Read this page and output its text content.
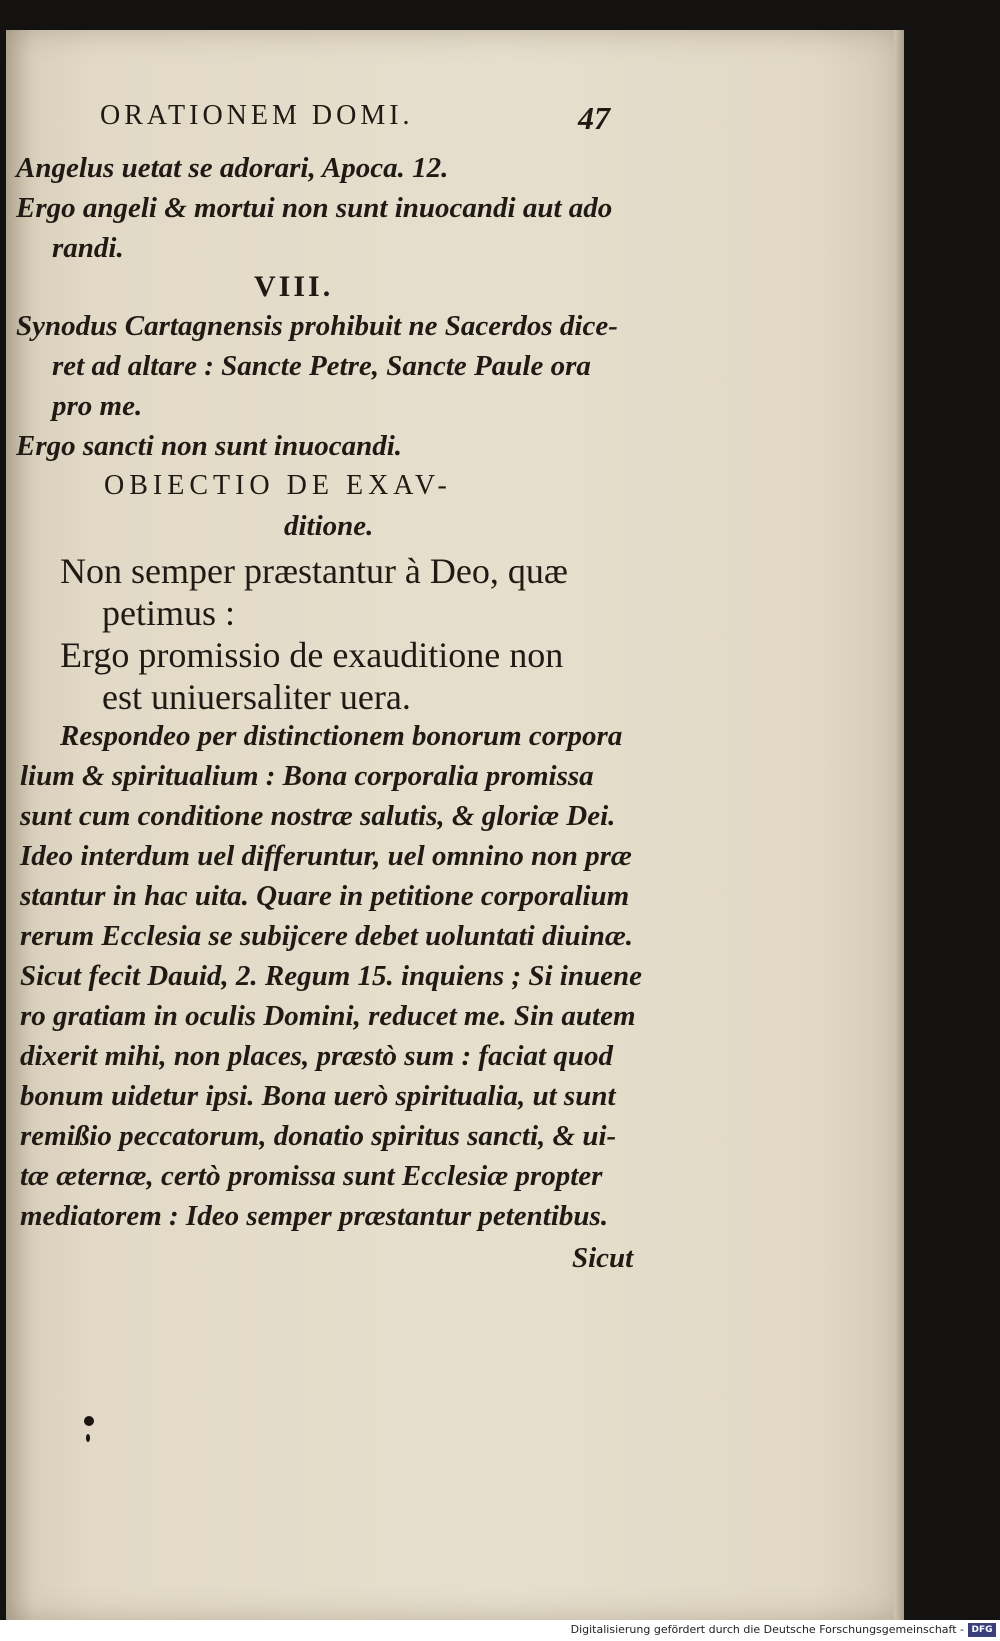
ORATIONEM DOMI.	47
Angelus uetat se adorari, Apoca. 12.
Ergo angeli & mortui non sunt inuocandi aut ado
randi.
VIII.
Synodus Cartagnensis prohibuit ne Sacerdos dice-
ret ad altare : Sancte Petre, Sancte Paule ora
pro me.
Ergo sancti non sunt inuocandi.
OBIECTIO DE EXAV-
ditione.
Non semper præstantur à Deo, quæ
petimus :
Ergo promissio de exauditione non
est uniuersaliter uera.
Respondeo per distinctionem bonorum corpora
lium & spiritualium : Bona corporalia promissa
sunt cum conditione nostræ salutis, & gloriæ Dei.
Ideo interdum uel differuntur, uel omnino non præ
stantur in hac uita. Quare in petitione corporalium
rerum Ecclesia se subijcere debet uoluntati diuinæ.
Sicut fecit Dauid, 2. Regum 15. inquiens ; Si inuene
ro gratiam in oculis Domini, reducet me. Sin autem
dixerit mihi, non places, præstò sum : faciat quod
bonum uidetur ipsi. Bona uerò spiritualia, ut sunt
remißio peccatorum, donatio spiritus sancti, & ui-
tæ æternæ, certò promissa sunt Ecclesiæ propter
mediatorem : Ideo semper præstantur petentibus.
Sicut
Digitalisierung gefördert durch die Deutsche Forschungsgemeinschaft - DFG
